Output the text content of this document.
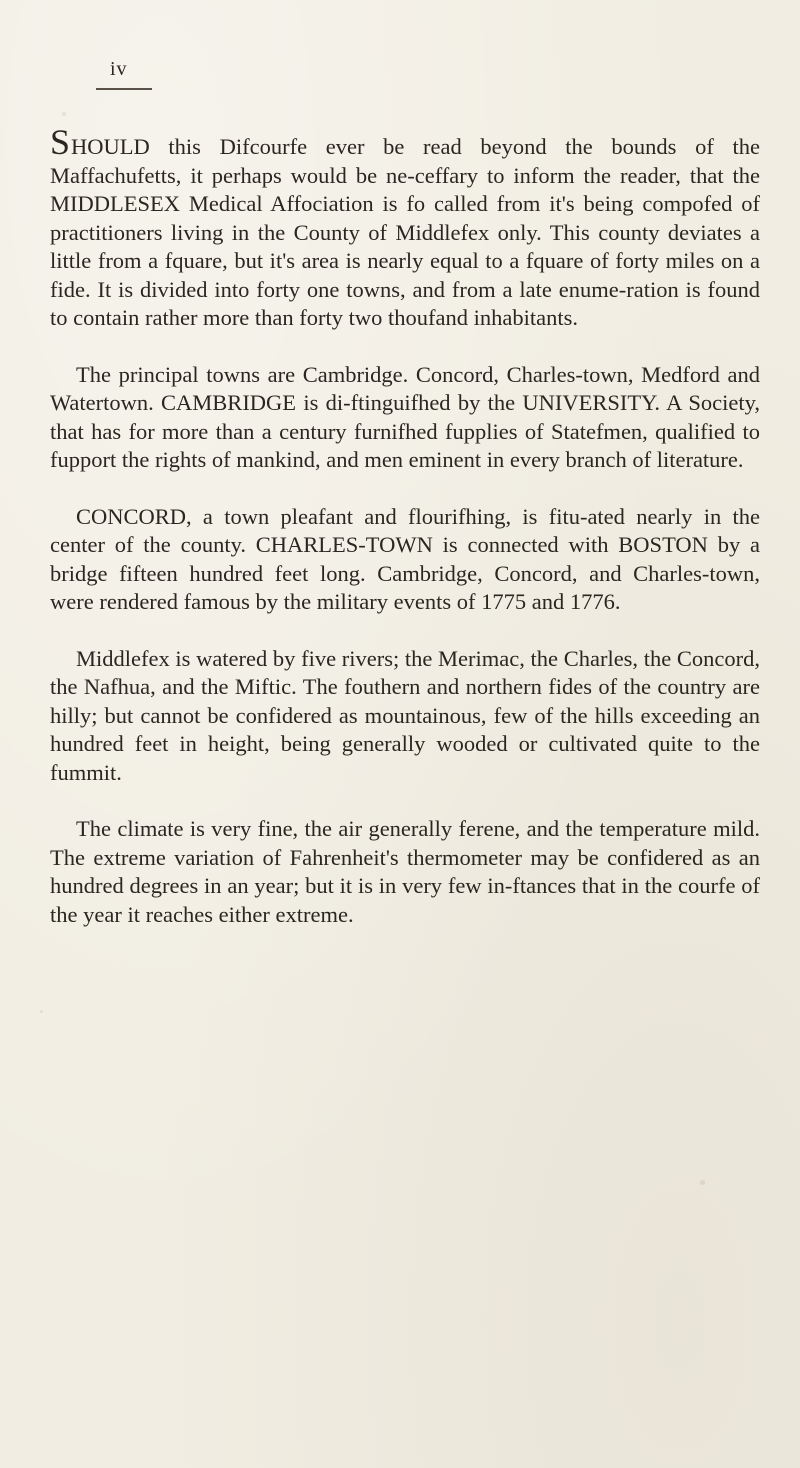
iv

SHOULD this Difcourfe ever be read beyond the bounds of the Maffachufetts, it perhaps would be ne-ceffary to inform the reader, that the MIDDLESEX Medical Affociation is fo called from it's being compofed of practitioners living in the County of Middlefex only. This county deviates a little from a fquare, but it's area is nearly equal to a fquare of forty miles on a fide. It is divided into forty one towns, and from a late enume-ration is found to contain rather more than forty two thoufand inhabitants.

The principal towns are Cambridge. Concord, Charles-town, Medford and Watertown. CAMBRIDGE is di-ftinguifhed by the UNIVERSITY. A Society, that has for more than a century furnifhed fupplies of Statefmen, qualified to fupport the rights of mankind, and men eminent in every branch of literature.

CONCORD, a town pleafant and flourifhing, is fitu-ated nearly in the center of the county. CHARLES-TOWN is connected with BOSTON by a bridge fifteen hundred feet long. Cambridge, Concord, and Charles-town, were rendered famous by the military events of 1775 and 1776.

Middlefex is watered by five rivers; the Merimac, the Charles, the Concord, the Nafhua, and the Miftic. The fouthern and northern fides of the country are hilly; but cannot be confidered as mountainous, few of the hills exceeding an hundred feet in height, being generally wooded or cultivated quite to the fummit.

The climate is very fine, the air generally ferene, and the temperature mild. The extreme variation of Fahrenheit's thermometer may be confidered as an hundred degrees in an year; but it is in very few in-ftances that in the courfe of the year it reaches either extreme.
